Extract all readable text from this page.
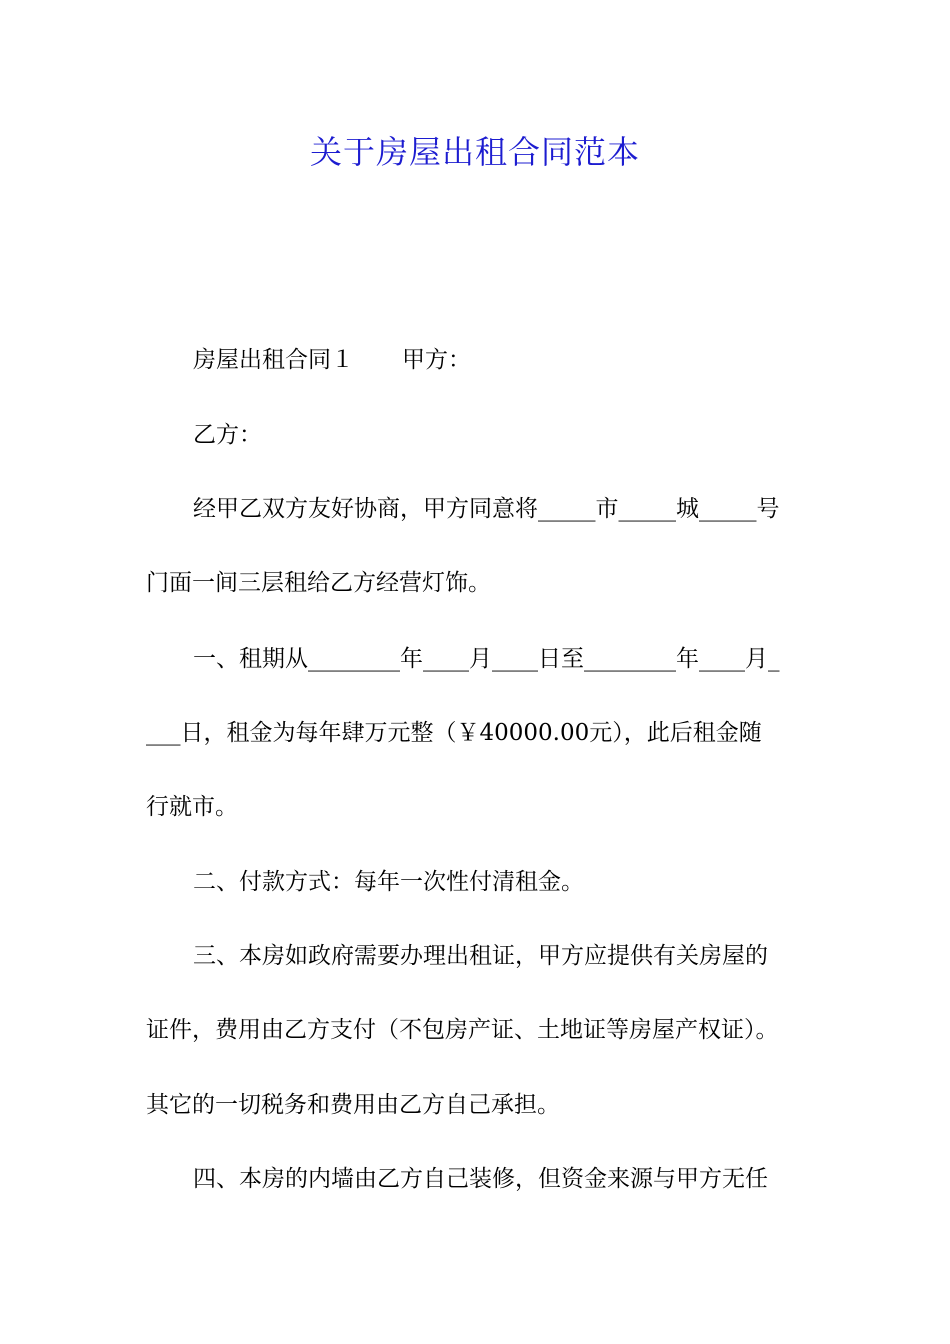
关于房屋出租合同范本
房屋出租合同１ 甲方：
乙方：
经甲乙双方友好协商，甲方同意将_____市_____城_____号
门面一间三层租给乙方经营灯饰。
一、租期从________年____月____日至________年____月_
___日，租金为每年肆万元整（￥40000.00元），此后租金随
行就市。
二、付款方式：每年一次性付清租金。
三、本房如政府需要办理出租证，甲方应提供有关房屋的
证件，费用由乙方支付（不包房产证、土地证等房屋产权证）。
其它的一切税务和费用由乙方自己承担。
四、本房的内墙由乙方自己装修，但资金来源与甲方无任
